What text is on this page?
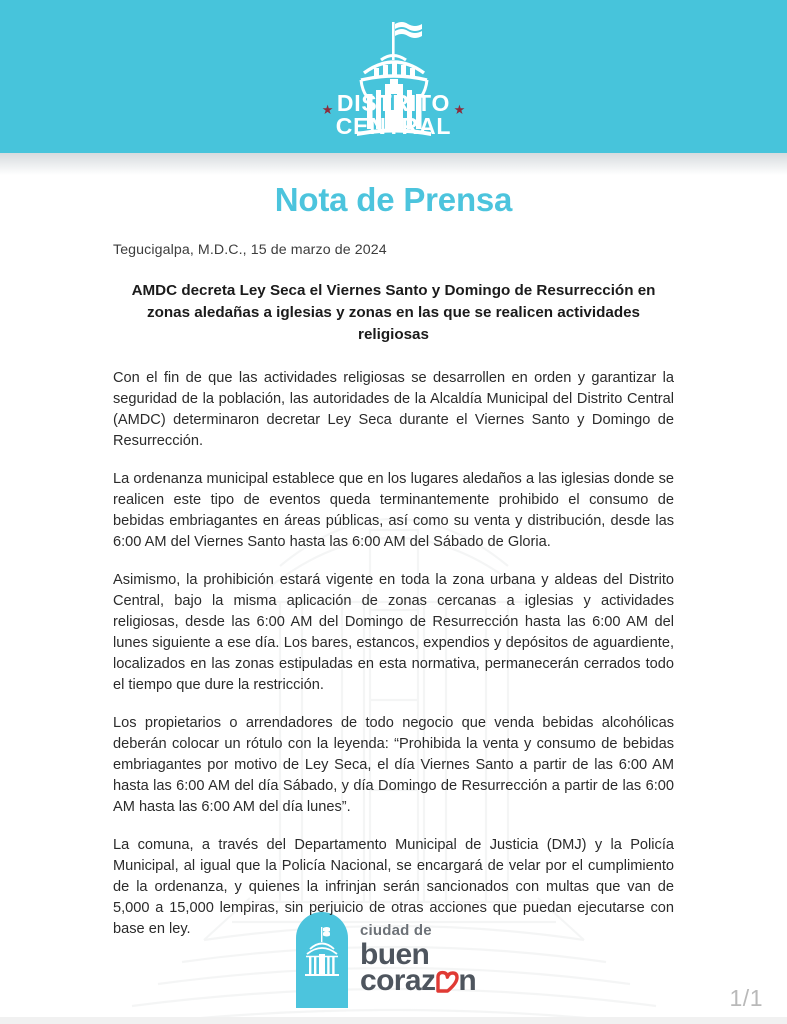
★ DISTRITO
CENTRAL
★
Nota de Prensa
Tegucigalpa, M.D.C., 15 de marzo de 2024
AMDC decreta Ley Seca el Viernes Santo y Domingo de Resurrección en zonas aledañas a iglesias y zonas en las que se realicen actividades religiosas

Con el fin de que las actividades religiosas se desarrollen en orden y garantizar la seguridad de la población, las autoridades de la Alcaldía Municipal del Distrito Central (AMDC) determinaron decretar Ley Seca durante el Viernes Santo y Domingo de Resurrección.

La ordenanza municipal establece que en los lugares aledaños a las iglesias donde se realicen este tipo de eventos queda terminantemente prohibido el consumo de bebidas embriagantes en áreas públicas, así como su venta y distribución, desde las 6:00 AM del Viernes Santo hasta las 6:00 AM del Sábado de Gloria.

Asimismo, la prohibición estará vigente en toda la zona urbana y aldeas del Distrito Central, bajo la misma aplicación de zonas cercanas a iglesias y actividades religiosas, desde las 6:00 AM del Domingo de Resurrección hasta las 6:00 AM del lunes siguiente a ese día. Los bares, estancos, expendios y depósitos de aguardiente, localizados en las zonas estipuladas en esta normativa, permanecerán cerrados todo el tiempo que dure la restricción.

Los propietarios o arrendadores de todo negocio que venda bebidas alcohólicas deberán colocar un rótulo con la leyenda: “Prohibida la venta y consumo de bebidas embriagantes por motivo de Ley Seca, el día Viernes Santo a partir de las 6:00 AM hasta las 6:00 AM del día Sábado, y día Domingo de Resurrección a partir de las 6:00 AM hasta las 6:00 AM del día lunes”.

La comuna, a través del Departamento Municipal de Justicia (DMJ) y la Policía Municipal, al igual que la Policía Nacional, se encargará de velar por el cumplimiento de la ordenanza, y quienes la infrinjan serán sancionados con multas que van de 5,000 a 15,000 lempiras, sin perjuicio de otras acciones que puedan ejecutarse con base en ley.	ciudad de
buen
coraz n
1/1
